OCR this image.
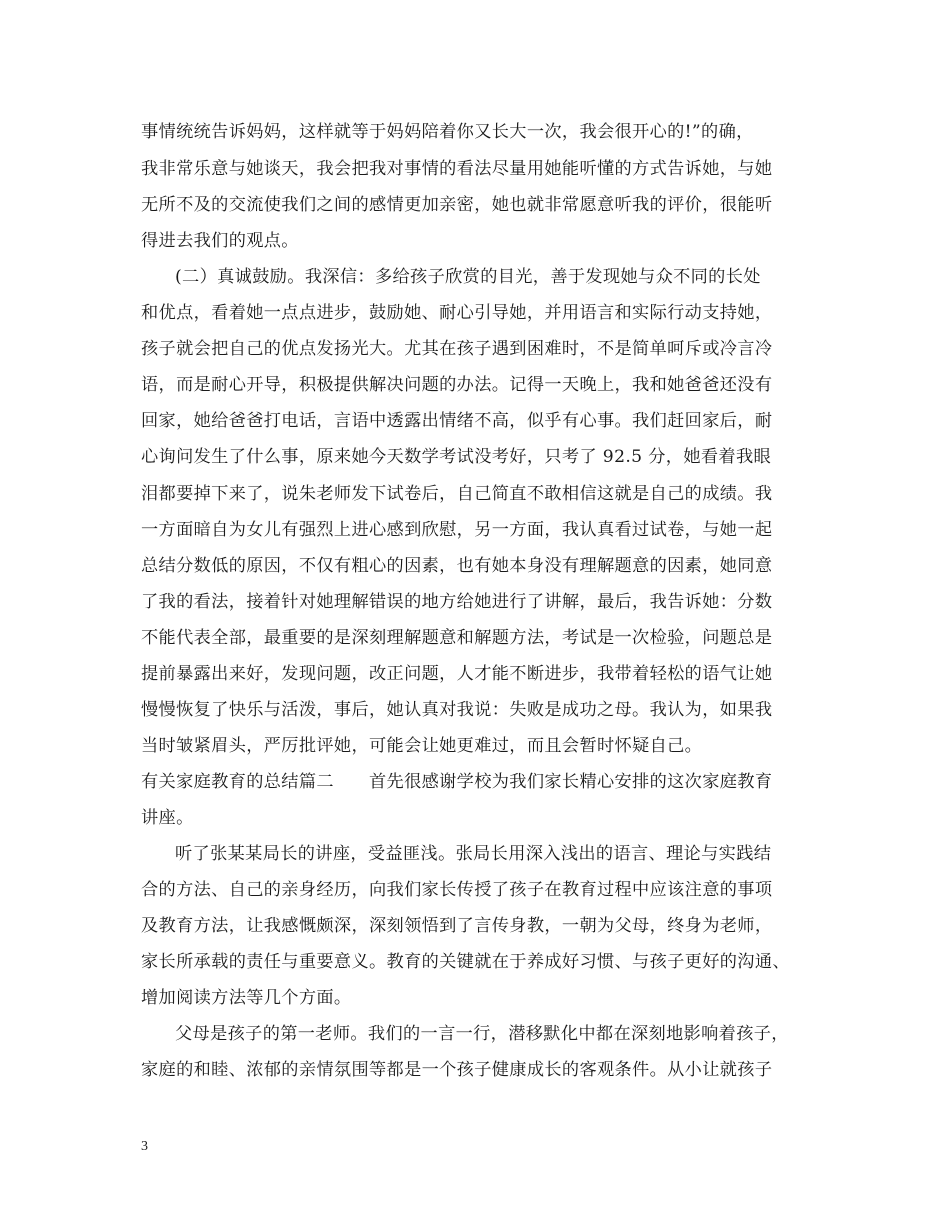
事情统统告诉妈妈，这样就等于妈妈陪着你又长大一次，我会很开心的!”的确，
我非常乐意与她谈天，我会把我对事情的看法尽量用她能听懂的方式告诉她，与她
无所不及的交流使我们之间的感情更加亲密，她也就非常愿意听我的评价，很能听
得进去我们的观点。
(二）真诚鼓励。我深信：多给孩子欣赏的目光，善于发现她与众不同的长处
和优点，看着她一点点进步，鼓励她、耐心引导她，并用语言和实际行动支持她，
孩子就会把自己的优点发扬光大。尤其在孩子遇到困难时，不是简单呵斥或冷言冷
语，而是耐心开导，积极提供解决问题的办法。记得一天晚上，我和她爸爸还没有
回家，她给爸爸打电话，言语中透露出情绪不高，似乎有心事。我们赶回家后，耐
心询问发生了什么事，原来她今天数学考试没考好，只考了 92.5 分，她看着我眼
泪都要掉下来了，说朱老师发下试卷后，自己简直不敢相信这就是自己的成绩。我
一方面暗自为女儿有强烈上进心感到欣慰，另一方面，我认真看过试卷，与她一起
总结分数低的原因，不仅有粗心的因素，也有她本身没有理解题意的因素，她同意
了我的看法，接着针对她理解错误的地方给她进行了讲解，最后，我告诉她：分数
不能代表全部，最重要的是深刻理解题意和解题方法，考试是一次检验，问题总是
提前暴露出来好，发现问题，改正问题，人才能不断进步，我带着轻松的语气让她
慢慢恢复了快乐与活泼，事后，她认真对我说：失败是成功之母。我认为，如果我
当时皱紧眉头，严厉批评她，可能会让她更难过，而且会暂时怀疑自己。
有关家庭教育的总结篇二　　首先很感谢学校为我们家长精心安排的这次家庭教育
讲座。
听了张某某局长的讲座，受益匪浅。张局长用深入浅出的语言、理论与实践结
合的方法、自己的亲身经历，向我们家长传授了孩子在教育过程中应该注意的事项
及教育方法，让我感慨颇深，深刻领悟到了言传身教，一朝为父母，终身为老师，
家长所承载的责任与重要意义。教育的关键就在于养成好习惯、与孩子更好的沟通、
增加阅读方法等几个方面。
父母是孩子的第一老师。我们的一言一行，潜移默化中都在深刻地影响着孩子，
家庭的和睦、浓郁的亲情氛围等都是一个孩子健康成长的客观条件。从小让就孩子
3
